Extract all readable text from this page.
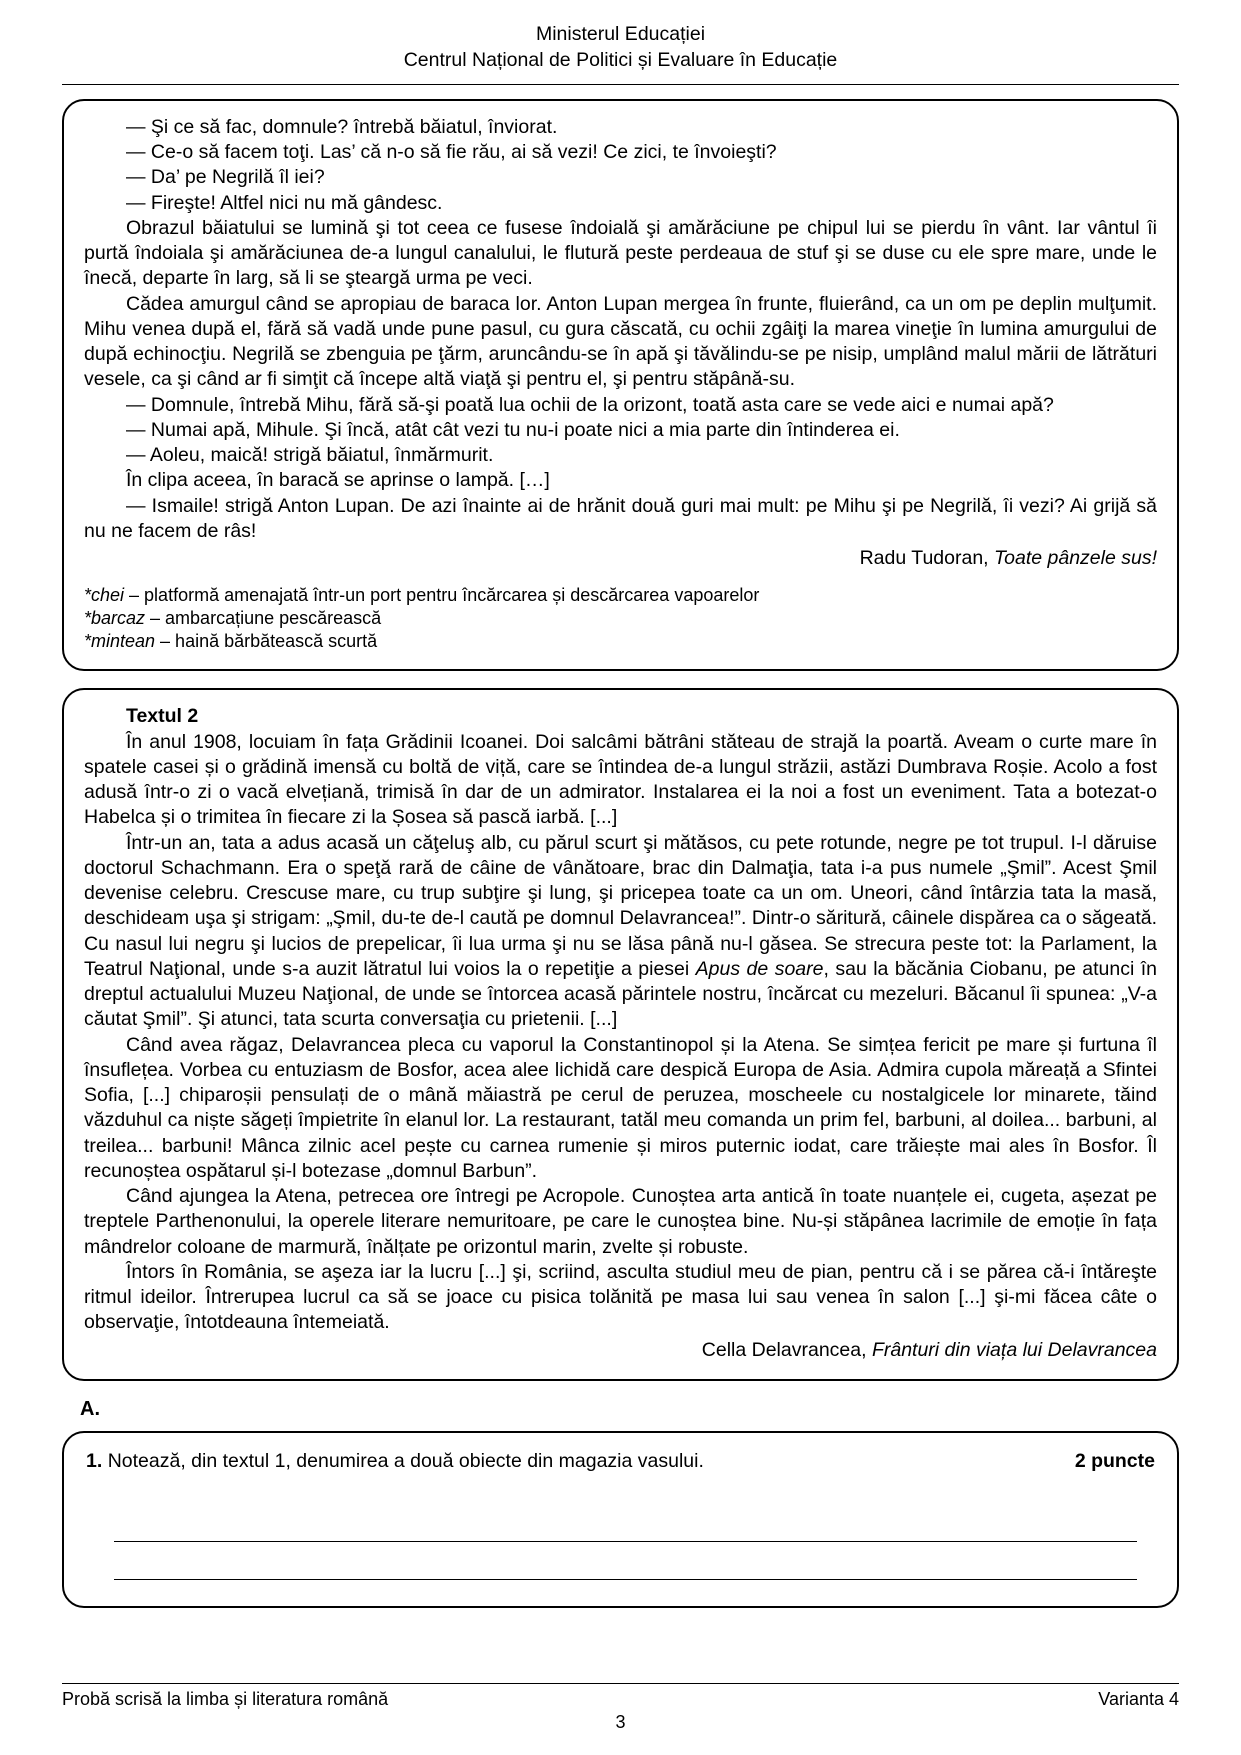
Ministerul Educației
Centrul Național de Politici și Evaluare în Educație

— Şi ce să fac, domnule? întrebă băiatul, înviorat.

— Ce-o să facem toţi. Las’ că n-o să fie rău, ai să vezi! Ce zici, te învoieşti?

— Da’ pe Negrilă îl iei?

— Fireşte! Altfel nici nu mă gândesc.

Obrazul băiatului se lumină şi tot ceea ce fusese îndoială şi amărăciune pe chipul lui se pierdu în vânt. Iar vântul îi purtă îndoiala şi amărăciunea de-a lungul canalului, le flutură peste perdeaua de stuf şi se duse cu ele spre mare, unde le înecă, departe în larg, să li se şteargă urma pe veci.

Cădea amurgul când se apropiau de baraca lor. Anton Lupan mergea în frunte, fluierând, ca un om pe deplin mulţumit. Mihu venea după el, fără să vadă unde pune pasul, cu gura căscată, cu ochii zgâiţi la marea vineţie în lumina amurgului de după echinocţiu. Negrilă se zbenguia pe ţărm, aruncându-se în apă şi tăvălindu-se pe nisip, umplând malul mării de lătrături vesele, ca şi când ar fi simţit că începe altă viaţă şi pentru el, şi pentru stăpână-su.

— Domnule, întrebă Mihu, fără să-şi poată lua ochii de la orizont, toată asta care se vede aici e numai apă?

— Numai apă, Mihule. Şi încă, atât cât vezi tu nu-i poate nici a mia parte din întinderea ei.

— Aoleu, maică! strigă băiatul, înmărmurit.

În clipa aceea, în baracă se aprinse o lampă. […]

— Ismaile! strigă Anton Lupan. De azi înainte ai de hrănit două guri mai mult: pe Mihu şi pe Negrilă, îi vezi? Ai grijă să nu ne facem de râs!

Radu Tudoran, Toate pânzele sus!

*chei – platformă amenajată într-un port pentru încărcarea și descărcarea vapoarelor

*barcaz – ambarcațiune pescărească

*mintean – haină bărbătească scurtă

Textul 2

În anul 1908, locuiam în fața Grădinii Icoanei. Doi salcâmi bătrâni stăteau de strajă la poartă. Aveam o curte mare în spatele casei și o grădină imensă cu boltă de viță, care se întindea de-a lungul străzii, astăzi Dumbrava Roșie. Acolo a fost adusă într-o zi o vacă elvețiană, trimisă în dar de un admirator. Instalarea ei la noi a fost un eveniment. Tata a botezat-o Habelca și o trimitea în fiecare zi la Șosea să pască iarbă. [...]

Într-un an, tata a adus acasă un căţeluş alb, cu părul scurt şi mătăsos, cu pete rotunde, negre pe tot trupul. I-l dăruise doctorul Schachmann. Era o speţă rară de câine de vânătoare, brac din Dalmaţia, tata i-a pus numele „Şmil”. Acest Şmil devenise celebru. Crescuse mare, cu trup subţire şi lung, şi pricepea toate ca un om. Uneori, când întârzia tata la masă, deschideam uşa şi strigam: „Şmil, du-te de-l caută pe domnul Delavrancea!”. Dintr-o săritură, câinele dispărea ca o săgeată. Cu nasul lui negru şi lucios de prepelicar, îi lua urma şi nu se lăsa până nu-l găsea. Se strecura peste tot: la Parlament, la Teatrul Naţional, unde s-a auzit lătratul lui voios la o repetiţie a piesei Apus de soare, sau la băcănia Ciobanu, pe atunci în dreptul actualului Muzeu Naţional, de unde se întorcea acasă părintele nostru, încărcat cu mezeluri. Băcanul îi spunea: „V-a căutat Şmil”. Şi atunci, tata scurta conversaţia cu prietenii. [...]

Când avea răgaz, Delavrancea pleca cu vaporul la Constantinopol și la Atena. Se simțea fericit pe mare și furtuna îl însuflețea. Vorbea cu entuziasm de Bosfor, acea alee lichidă care despică Europa de Asia. Admira cupola măreață a Sfintei Sofia, [...] chiparoșii pensulați de o mână măiastră pe cerul de peruzea, moscheele cu nostalgicele lor minarete, tăind văzduhul ca niște săgeți împietrite în elanul lor. La restaurant, tatăl meu comanda un prim fel, barbuni, al doilea... barbuni, al treilea... barbuni! Mânca zilnic acel pește cu carnea rumenie și miros puternic iodat, care trăiește mai ales în Bosfor. Îl recunoștea ospătarul și-l botezase „domnul Barbun”.

Când ajungea la Atena, petrecea ore întregi pe Acropole. Cunoștea arta antică în toate nuanțele ei, cugeta, așezat pe treptele Parthenonului, la operele literare nemuritoare, pe care le cunoștea bine. Nu-și stăpânea lacrimile de emoție în fața mândrelor coloane de marmură, înălțate pe orizontul marin, zvelte și robuste.

Întors în România, se aşeza iar la lucru [...] şi, scriind, asculta studiul meu de pian, pentru că i se părea că-i întăreşte ritmul ideilor. Întrerupea lucrul ca să se joace cu pisica tolănită pe masa lui sau venea în salon [...] şi-mi făcea câte o observaţie, întotdeauna întemeiată.

Cella Delavrancea, Frânturi din viața lui Delavrancea
A.
1. Notează, din textul 1, denumirea a două obiecte din magazia vasului.	2 puncte
Probă scrisă la limba și literatura română	Varianta 4
3
